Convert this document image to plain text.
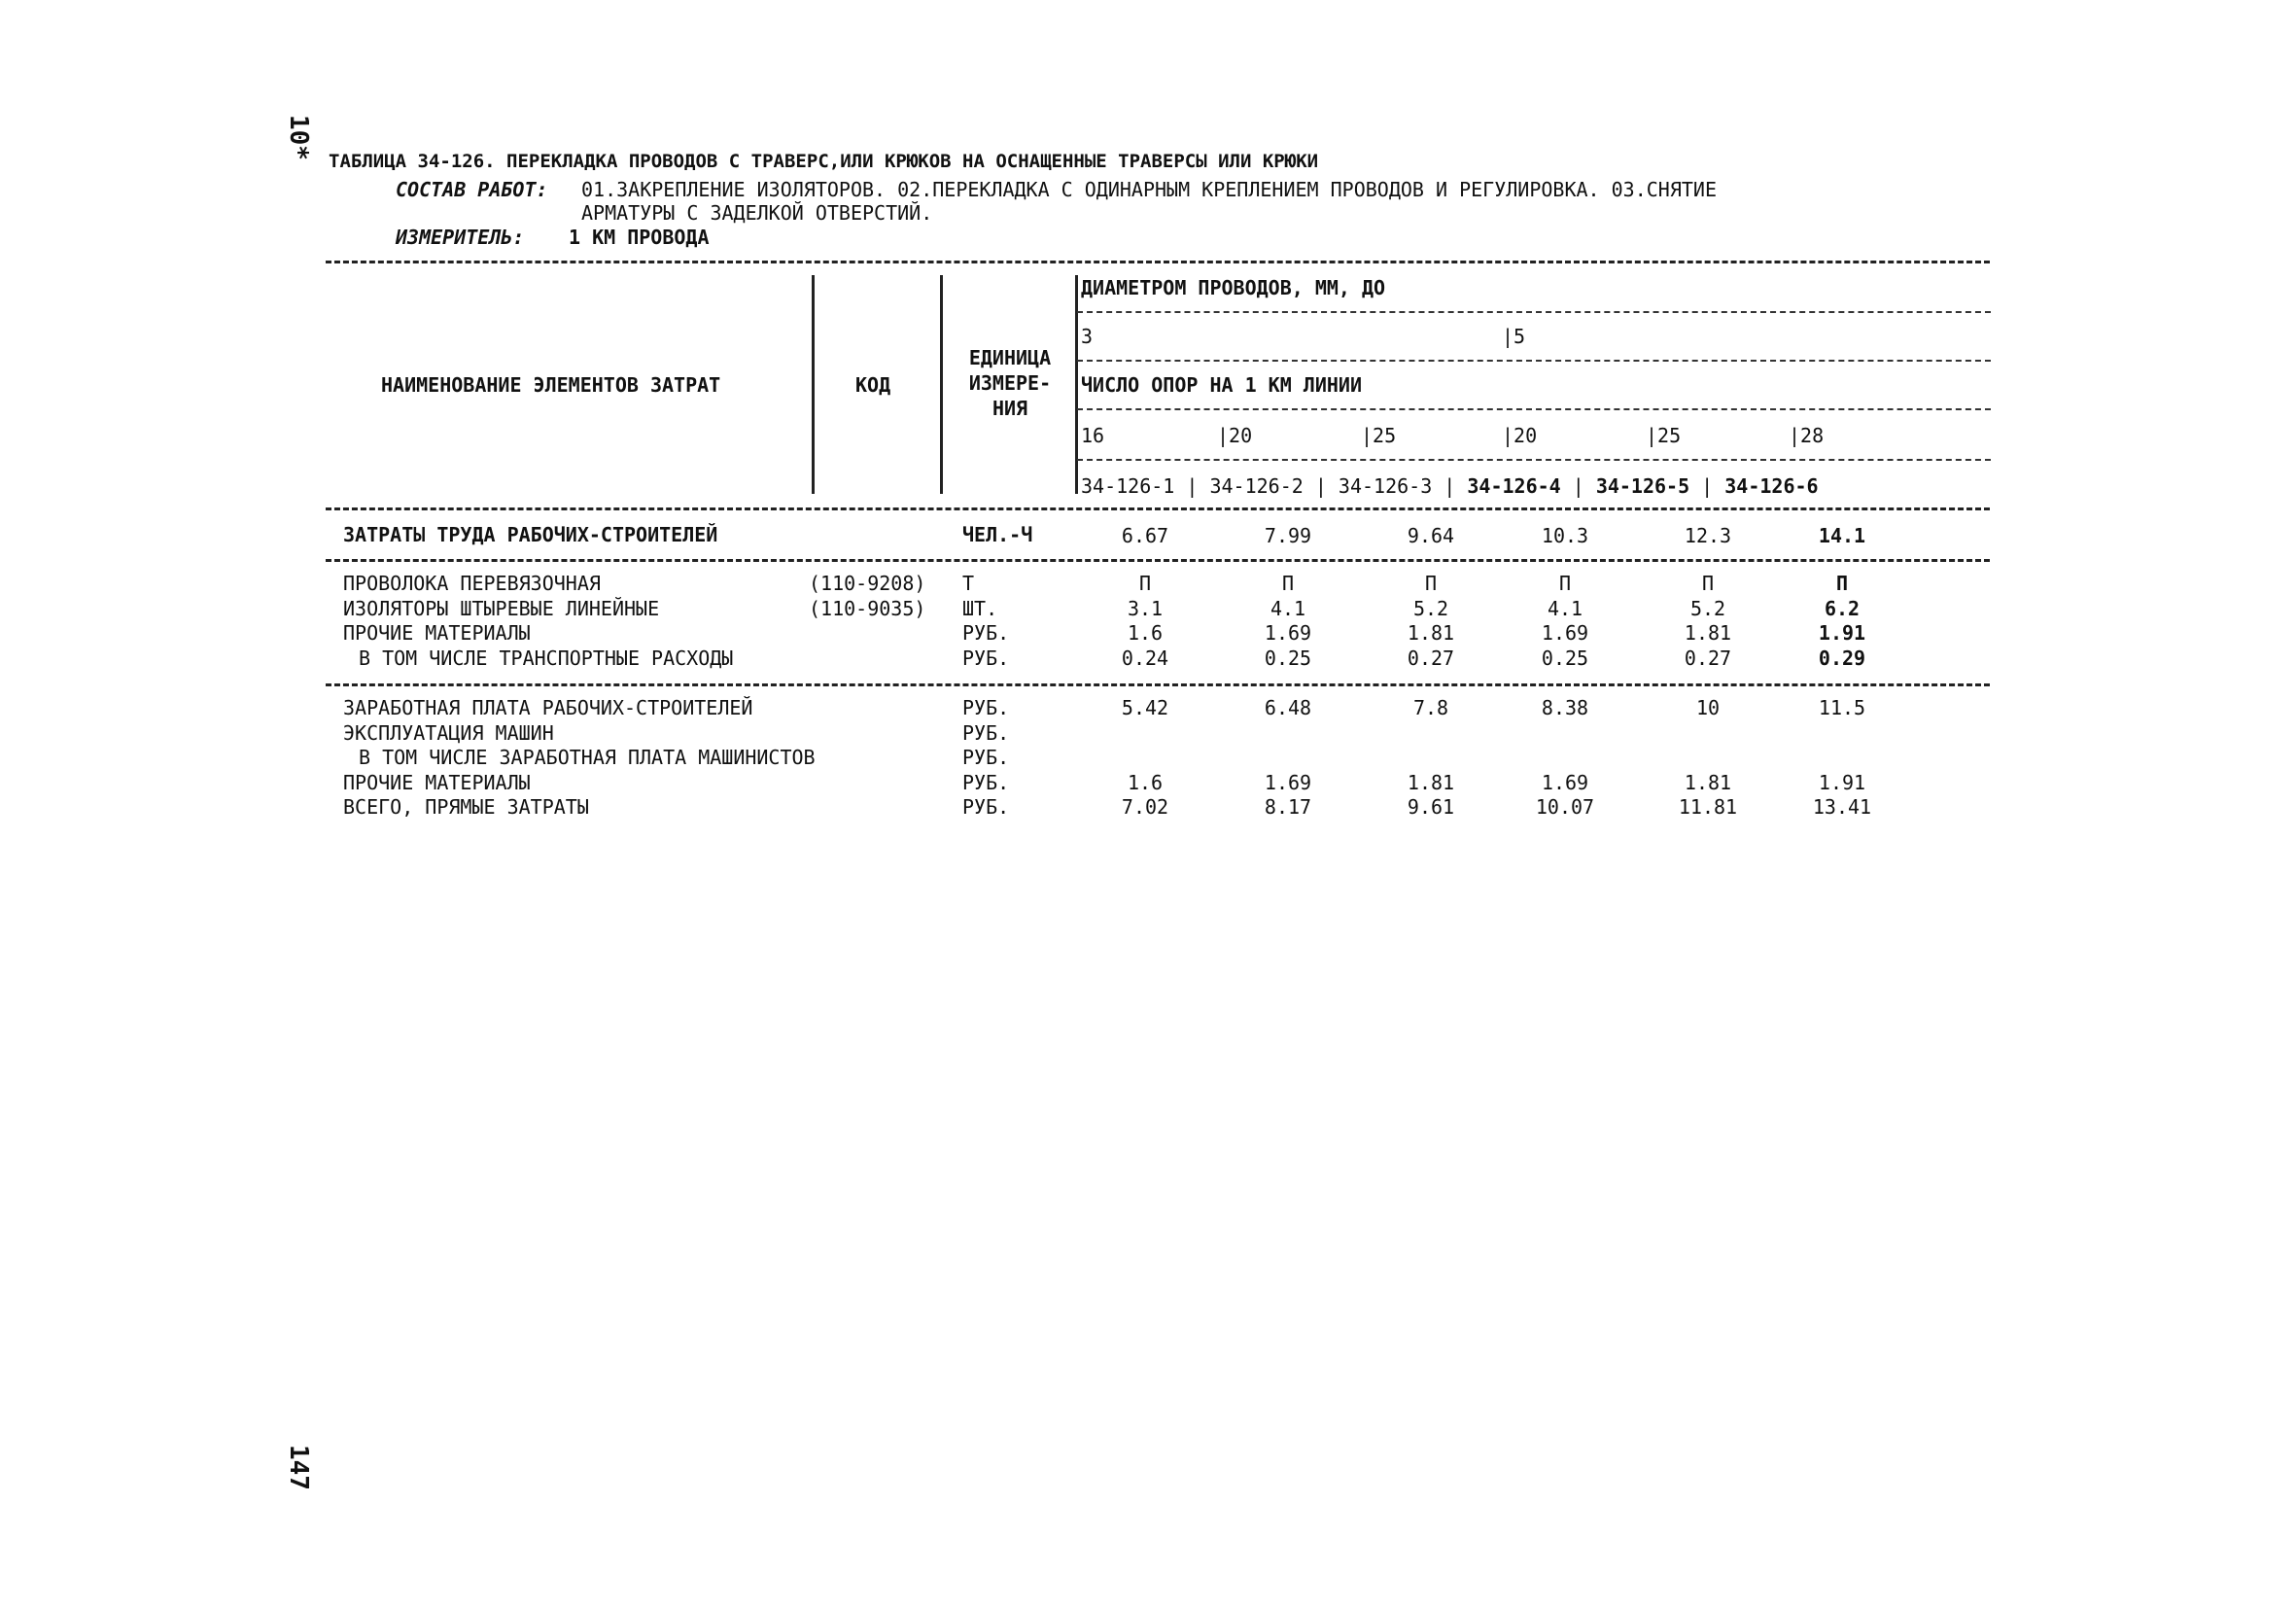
10*
147
ТАБЛИЦА 34-126. ПЕРЕКЛАДКА ПРОВОДОВ С ТРАВЕРС,ИЛИ КРЮКОВ НА ОСНАЩЕННЫЕ ТРАВЕРСЫ ИЛИ КРЮКИ
СОСТАВ РАБОТ: 01.ЗАКРЕПЛЕНИЕ ИЗОЛЯТОРОВ. 02.ПЕРЕКЛАДКА С ОДИНАРНЫМ КРЕПЛЕНИЕМ ПРОВОДОВ И РЕГУЛИРОВКА. 03.СНЯТИЕ
АРМАТУРЫ С ЗАДЕЛКОЙ ОТВЕРСТИЙ.
ИЗМЕРИТЕЛЬ: 1 КМ ПРОВОДА
НАИМЕНОВАНИЕ ЭЛЕМЕНТОВ ЗАТРАТ	КОД
ЕДИНИЦА
ИЗМЕРЕ-
НИЯ
ДИАМЕТРОМ ПРОВОДОВ, ММ, ДО
3	|5
ЧИСЛО ОПОР НА 1 КМ ЛИНИИ
16	|20	|25	|20	|25	|28
34-126-1 | 34-126-2 | 34-126-3 | 34-126-4 | 34-126-5 | 34-126-6
ЗАТРАТЫ ТРУДА РАБОЧИХ-СТРОИТЕЛЕЙ	ЧЕЛ.-Ч	6.67	7.99	9.64	10.3	12.3	14.1
ПРОВОЛОКА ПЕРЕВЯЗОЧНАЯ	(110-9208) Т	П	П	П	П	П	П
ИЗОЛЯТОРЫ ШТЫРЕВЫЕ ЛИНЕЙНЫЕ	(110-9035) ШТ.	3.1	4.1	5.2	4.1	5.2	6.2
ПРОЧИЕ МАТЕРИАЛЫ	РУБ.	1.6	1.69	1.81	1.69	1.81	1.91
В ТОМ ЧИСЛЕ ТРАНСПОРТНЫЕ РАСХОДЫ	РУБ.	0.24	0.25	0.27	0.25	0.27	0.29
ЗАРАБОТНАЯ ПЛАТА РАБОЧИХ-СТРОИТЕЛЕЙ	РУБ.	5.42	6.48	7.8	8.38	10	11.5
ЭКСПЛУАТАЦИЯ МАШИН	РУБ.
В ТОМ ЧИСЛЕ ЗАРАБОТНАЯ ПЛАТА МАШИНИСТОВ	РУБ.
ПРОЧИЕ МАТЕРИАЛЫ	РУБ.	1.6	1.69	1.81	1.69	1.81	1.91
ВСЕГО, ПРЯМЫЕ ЗАТРАТЫ	РУБ.	7.02	8.17	9.61	10.07	11.81	13.41
